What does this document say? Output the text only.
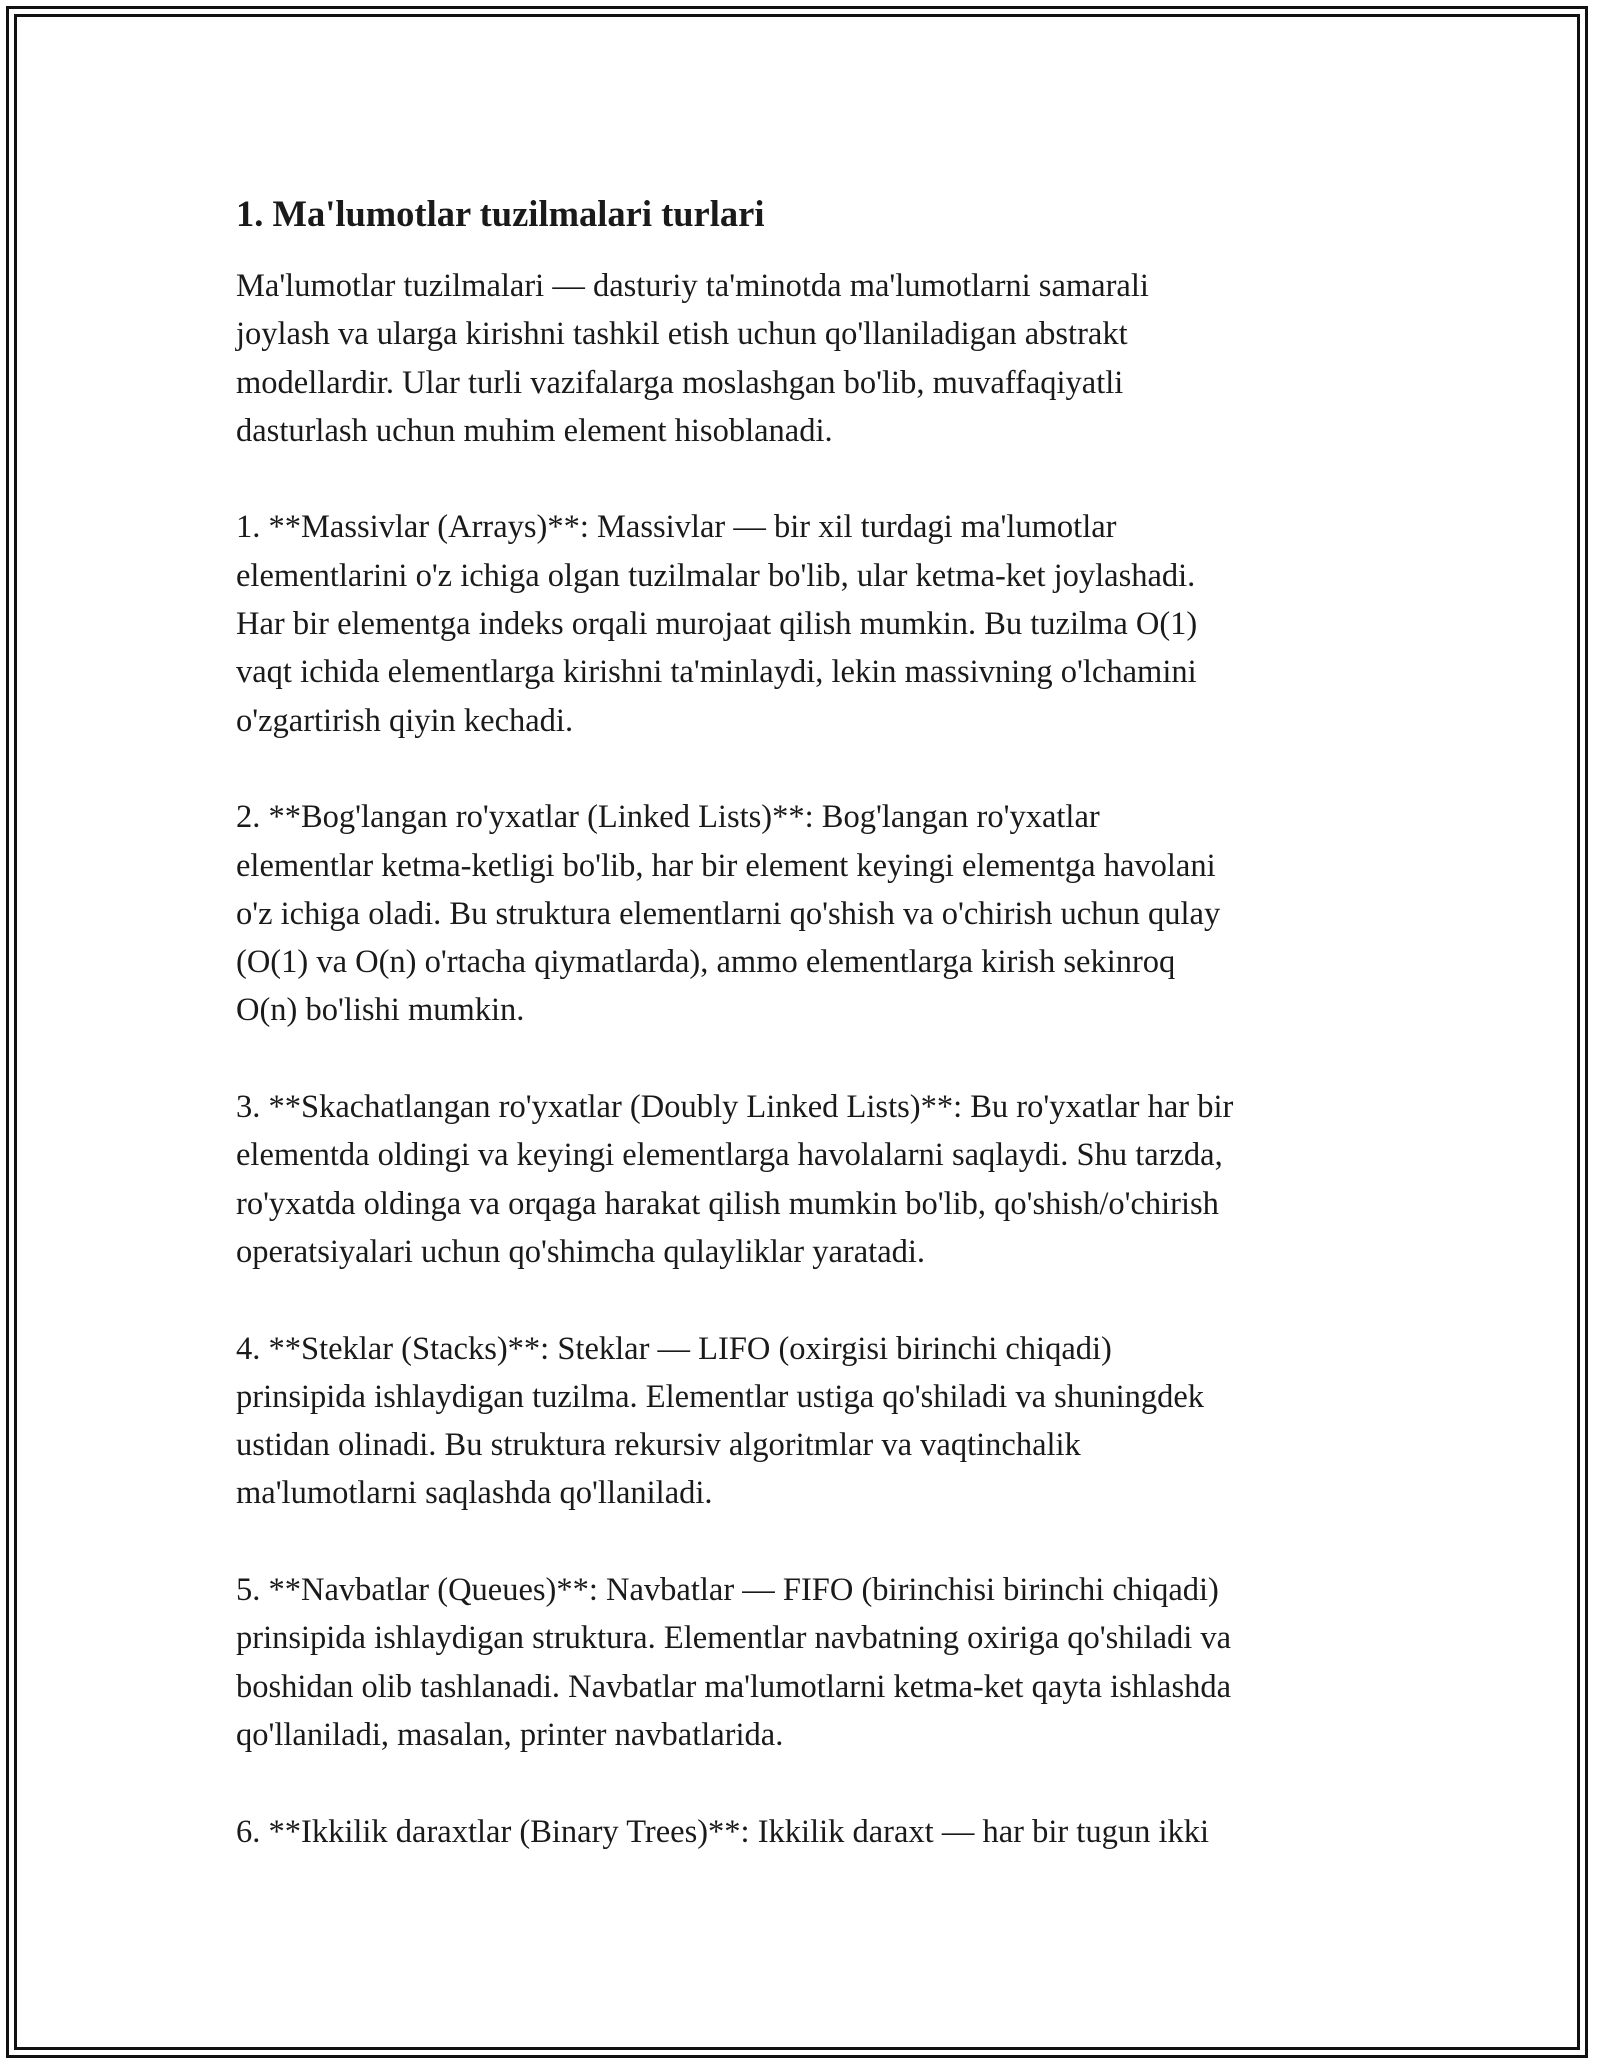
1. Ma'lumotlar tuzilmalari turlari

Ma'lumotlar tuzilmalari — dasturiy ta'minotda ma'lumotlarni samarali
joylash va ularga kirishni tashkil etish uchun qo'llaniladigan abstrakt
modellardir. Ular turli vazifalarga moslashgan bo'lib, muvaffaqiyatli
dasturlash uchun muhim element hisoblanadi.

1. **Massivlar (Arrays)**: Massivlar — bir xil turdagi ma'lumotlar
elementlarini o'z ichiga olgan tuzilmalar bo'lib, ular ketma-ket joylashadi.
Har bir elementga indeks orqali murojaat qilish mumkin. Bu tuzilma O(1)
vaqt ichida elementlarga kirishni ta'minlaydi, lekin massivning o'lchamini
o'zgartirish qiyin kechadi.

2. **Bog'langan ro'yxatlar (Linked Lists)**: Bog'langan ro'yxatlar
elementlar ketma-ketligi bo'lib, har bir element keyingi elementga havolani
o'z ichiga oladi. Bu struktura elementlarni qo'shish va o'chirish uchun qulay
(O(1) va O(n) o'rtacha qiymatlarda), ammo elementlarga kirish sekinroq
O(n) bo'lishi mumkin.

3. **Skachatlangan ro'yxatlar (Doubly Linked Lists)**: Bu ro'yxatlar har bir
elementda oldingi va keyingi elementlarga havolalarni saqlaydi. Shu tarzda,
ro'yxatda oldinga va orqaga harakat qilish mumkin bo'lib, qo'shish/o'chirish
operatsiyalari uchun qo'shimcha qulayliklar yaratadi.

4. **Steklar (Stacks)**: Steklar — LIFO (oxirgisi birinchi chiqadi)
prinsipida ishlaydigan tuzilma. Elementlar ustiga qo'shiladi va shuningdek
ustidan olinadi. Bu struktura rekursiv algoritmlar va vaqtinchalik
ma'lumotlarni saqlashda qo'llaniladi.

5. **Navbatlar (Queues)**: Navbatlar — FIFO (birinchisi birinchi chiqadi)
prinsipida ishlaydigan struktura. Elementlar navbatning oxiriga qo'shiladi va
boshidan olib tashlanadi. Navbatlar ma'lumotlarni ketma-ket qayta ishlashda
qo'llaniladi, masalan, printer navbatlarida.

6. **Ikkilik daraxtlar (Binary Trees)**: Ikkilik daraxt — har bir tugun ikki
